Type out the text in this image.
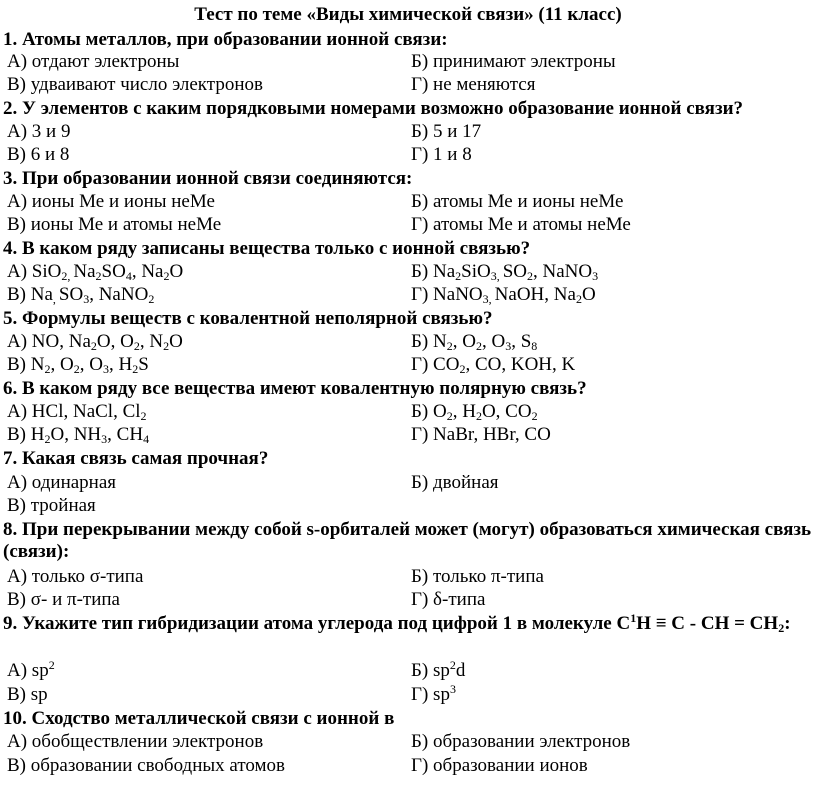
Тест по теме «Виды химической связи» (11 класс)
1. Атомы металлов, при образовании ионной связи:
А) отдают электроны	Б) принимают электроны
В) удваивают число электронов	Г) не меняются
2. У элементов с каким порядковыми номерами возможно образование ионной связи?
А) 3 и 9	Б) 5 и 17
В) 6 и 8	Г) 1 и 8
3. При образовании ионной связи соединяются:
А) ионы Ме и ионы неМе	Б) атомы Ме и ионы неМе
В) ионы Ме и атомы неМе	Г) атомы Ме и атомы неМе
4. В каком ряду записаны вещества только с ионной связью?
А) SiO$_{2,}$ $Na_2SO_4$, $Na_2O$	Б) $Na_2SiO_{3,}$ $SO_2$, NaNO$_3$
В) $Na_,$ $SO_3$, NaNO$_2$	Г) NaNO$_{3,}$ NaOH, $Na_2O$
5. Формулы веществ с ковалентной неполярной связью?
А) NO, $Na_2O$, $O_2$, $N_2O$	Б) $N_2$, $O_2$, $O_3$, $S_8$
В) $N_2$, $O_2$, $O_3$, $H_2S$	Г) $CO_2$, CO, KOH, K
6. В каком ряду все вещества имеют ковалентную полярную связь?
А) HCl, NaCl, $Cl_2$	Б) $O_2$, $H_2O$, $CO_2$
В) $H_2O$, $NH_3$, $CH_4$	Г) NaBr, HBr, CO
7. Какая связь самая прочная?
А) одинарная	Б) двойная
В) тройная
8. При перекрывании между собой s-орбиталей может (могут) образоваться химическая связь (связи):
А) только σ-типа	Б) только π-типа
В) σ- и π-типа	Г) δ-типа
9. Укажите тип гибридизации атома углерода под цифрой 1 в молекуле $С^1Н \equiv С$ - СН = $СН_2$:
А) $sp^2$	Б) $sp^2d$
В) sp	Г) $sp^3$
10. Сходство металлической связи с ионной в
А) обобществлении электронов	Б) образовании электронов
В) образовании свободных атомов	Г) образовании ионов
